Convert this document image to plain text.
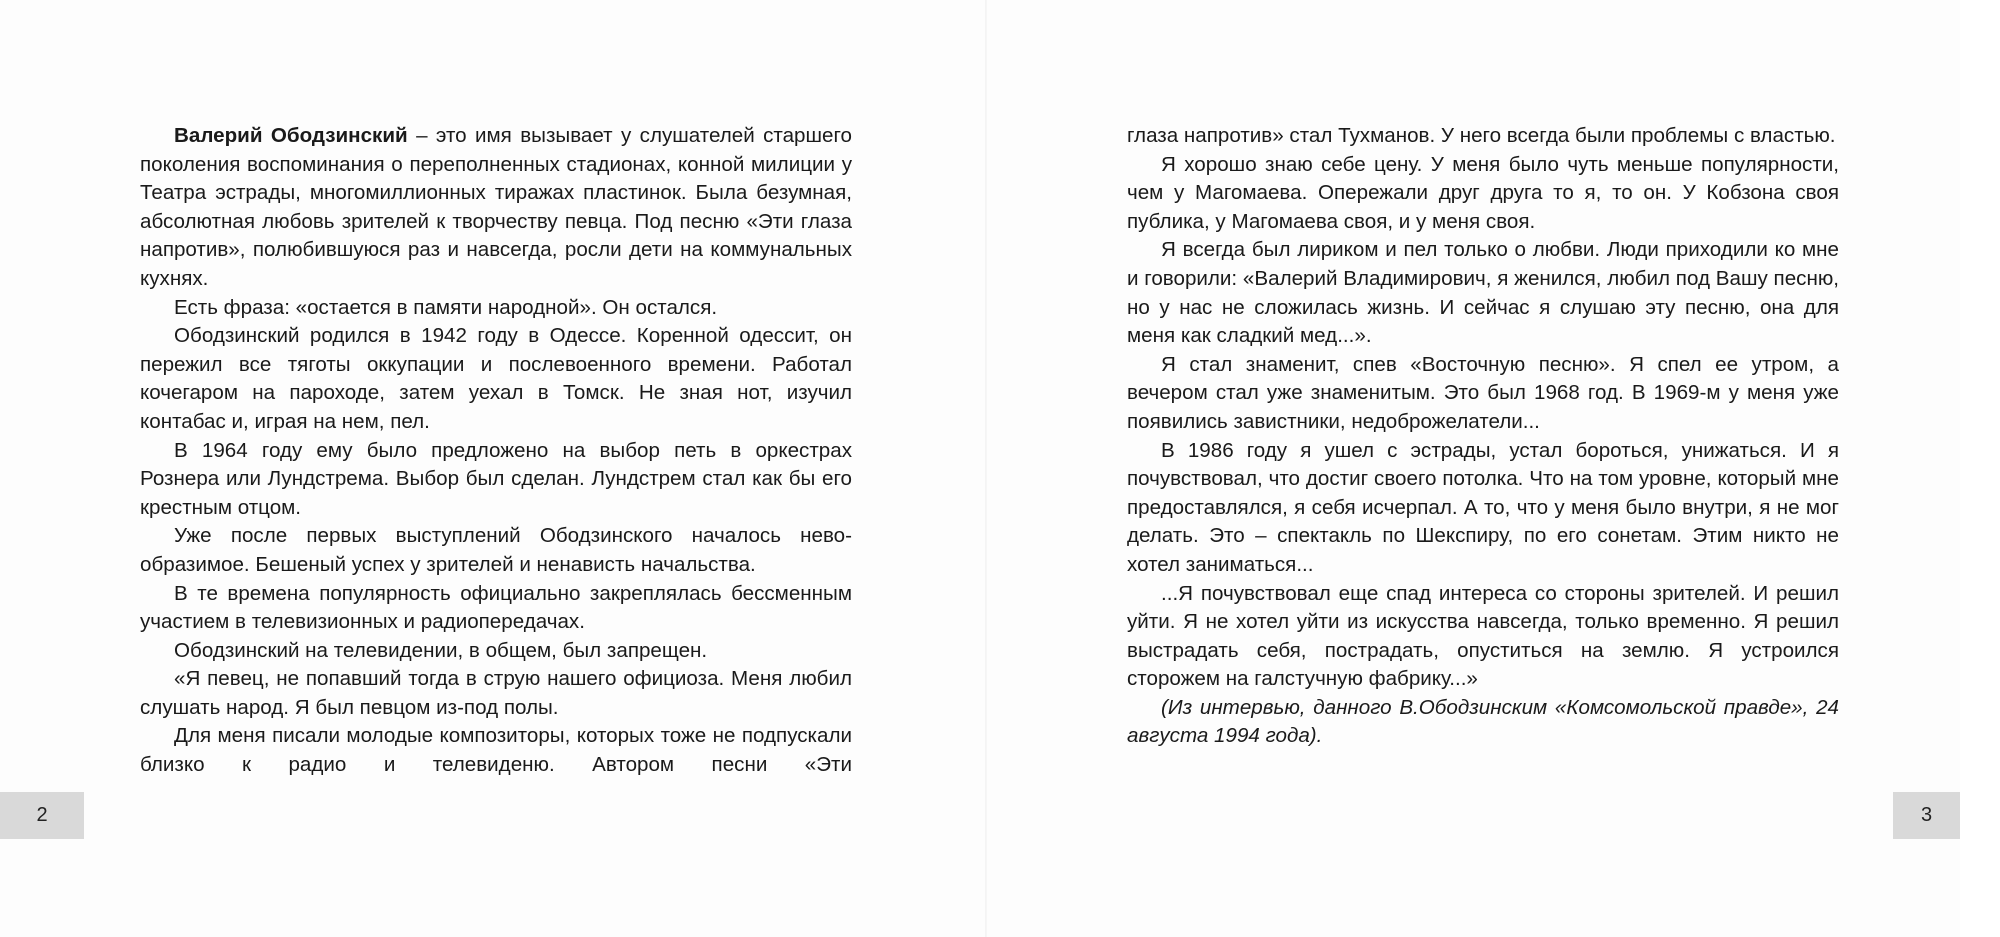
Валерий Ободзинский – это имя вызывает у слушателей старшего поколения воспоминания о переполненных стадионах, конной милиции у Театра эстрады, многомиллионных тиражах пластинок. Была безумная, абсолютная любовь зрителей к творчеству певца. Под песню «Эти глаза напротив», полюбившуюся раз и навсегда, росли дети на коммунальных кухнях.

Есть фраза: «остается в памяти народной». Он остался.

Ободзинский родился в 1942 году в Одессе. Коренной одессит, он пережил все тяготы оккупации и послевоенного времени. Работал кочегаром на пароходе, затем уехал в Томск. Не зная нот, изучил контабас и, играя на нем, пел.

В 1964 году ему было предложено на выбор петь в оркестрах Рознера или Лундстрема. Выбор был сделан. Лундстрем стал как бы его крестным отцом.

Уже после первых выступлений Ободзинского началось невообразимое. Бешеный успех у зрителей и ненависть начальства.

В те времена популярность официально закреплялась бессменным участием в телевизионных и радиопередачах.

Ободзинский на телевидении, в общем, был запрещен.

«Я певец, не попавший тогда в струю нашего официоза. Меня любил слушать народ. Я был певцом из-под полы.

Для меня писали молодые композиторы, которых тоже не подпускали близко к радио и телевиденю. Автором песни «Эти

глаза напротив» стал Тухманов. У него всегда были проблемы с властью.

Я хорошо знаю себе цену. У меня было чуть меньше популярности, чем у Магомаева. Опережали друг друга то я, то он. У Кобзона своя публика, у Магомаева своя, и у меня своя.

Я всегда был лириком и пел только о любви. Люди приходили ко мне и говорили: «Валерий Владимирович, я женился, любил под Вашу песню, но у нас не сложилась жизнь. И сейчас я слушаю эту песню, она для меня как сладкий мед...».

Я стал знаменит, спев «Восточную песню». Я спел ее утром, а вечером стал уже знаменитым. Это был 1968 год. В 1969-м у меня уже появились завистники, недоброжелатели...

В 1986 году я ушел с эстрады, устал бороться, унижаться. И я почувствовал, что достиг своего потолка. Что на том уровне, который мне предоставлялся, я себя исчерпал. А то, что у меня было внутри, я не мог делать. Это – спектакль по Шекспиру, по его сонетам. Этим никто не хотел заниматься...

...Я почувствовал еще спад интереса со стороны зрителей. И решил уйти. Я не хотел уйти из искусства навсегда, только временно. Я решил выстрадать себя, пострадать, опуститься на землю. Я устроился сторожем на галстучную фабрику...»

(Из интервью, данного В.Ободзинским «Комсомольской правде», 24 августа 1994 года).

2	3
